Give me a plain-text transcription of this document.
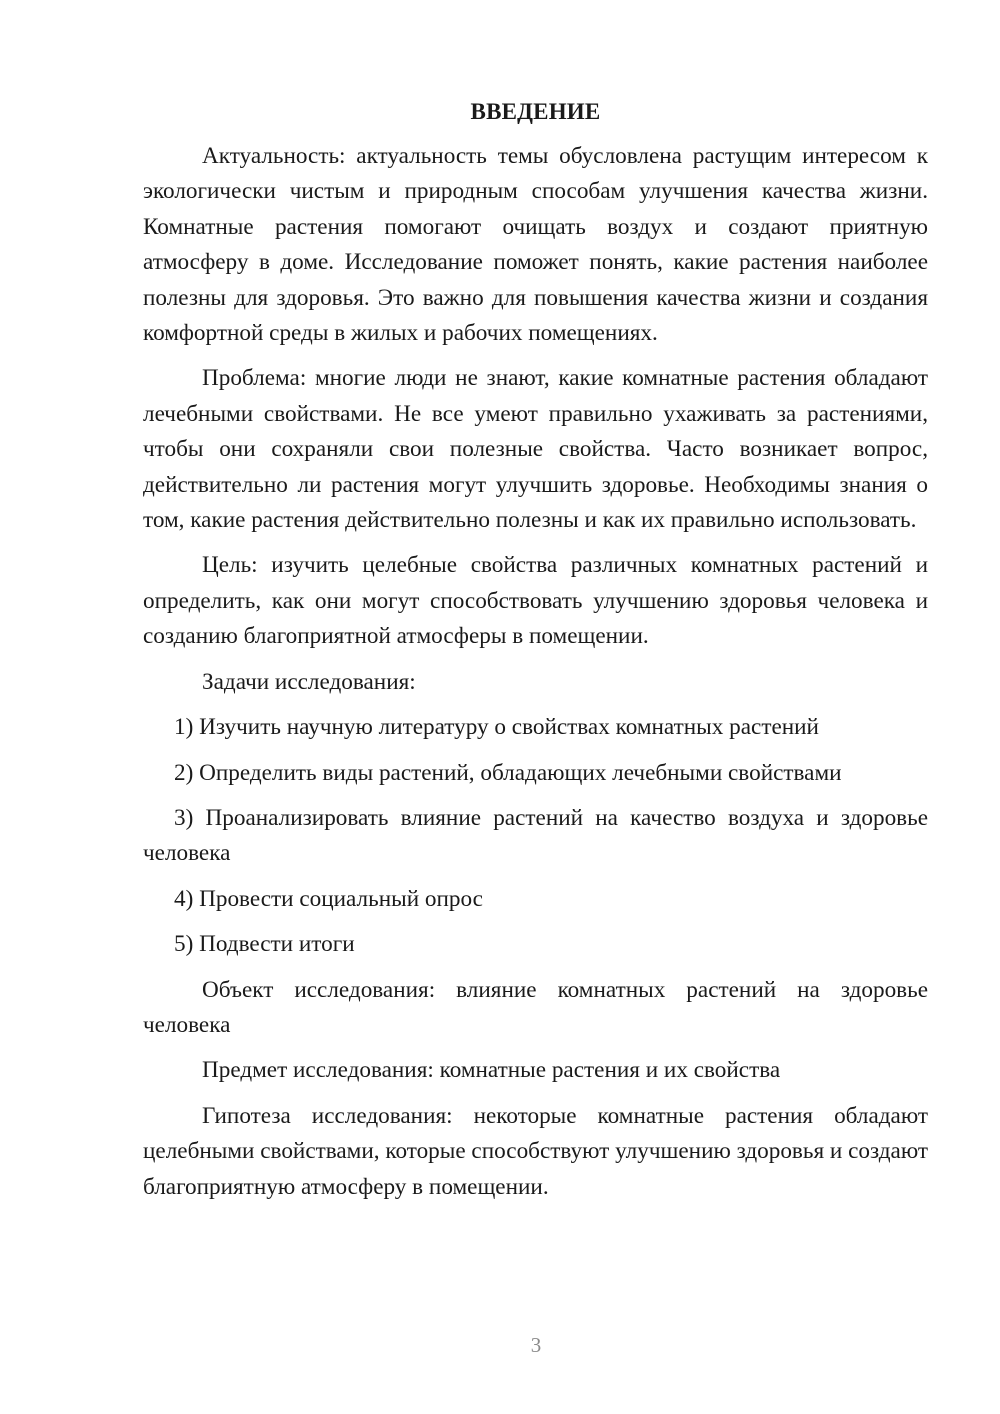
ВВЕДЕНИЕ

Актуальность: актуальность темы обусловлена растущим интересом к экологически чистым и природным способам улучшения качества жизни. Комнатные растения помогают очищать воздух и создают приятную атмосферу в доме. Исследование поможет понять, какие растения наиболее полезны для здоровья. Это важно для повышения качества жизни и создания комфортной среды в жилых и рабочих помещениях.

Проблема: многие люди не знают, какие комнатные растения обладают лечебными свойствами. Не все умеют правильно ухаживать за растениями, чтобы они сохраняли свои полезные свойства. Часто возникает вопрос, действительно ли растения могут улучшить здоровье. Необходимы знания о том, какие растения действительно полезны и как их правильно использовать.

Цель: изучить целебные свойства различных комнатных растений и определить, как они могут способствовать улучшению здоровья человека и созданию благоприятной атмосферы в помещении.

Задачи исследования:

1) Изучить научную литературу о свойствах комнатных растений

2) Определить виды растений, обладающих лечебными свойствами

3) Проанализировать влияние растений на качество воздуха и здоровье человека

4) Провести социальный опрос

5) Подвести итоги

Объект исследования: влияние комнатных растений на здоровье человека

Предмет исследования: комнатные растения и их свойства

Гипотеза исследования: некоторые комнатные растения обладают целебными свойствами, которые способствуют улучшению здоровья и создают благоприятную атмосферу в помещении.

3
